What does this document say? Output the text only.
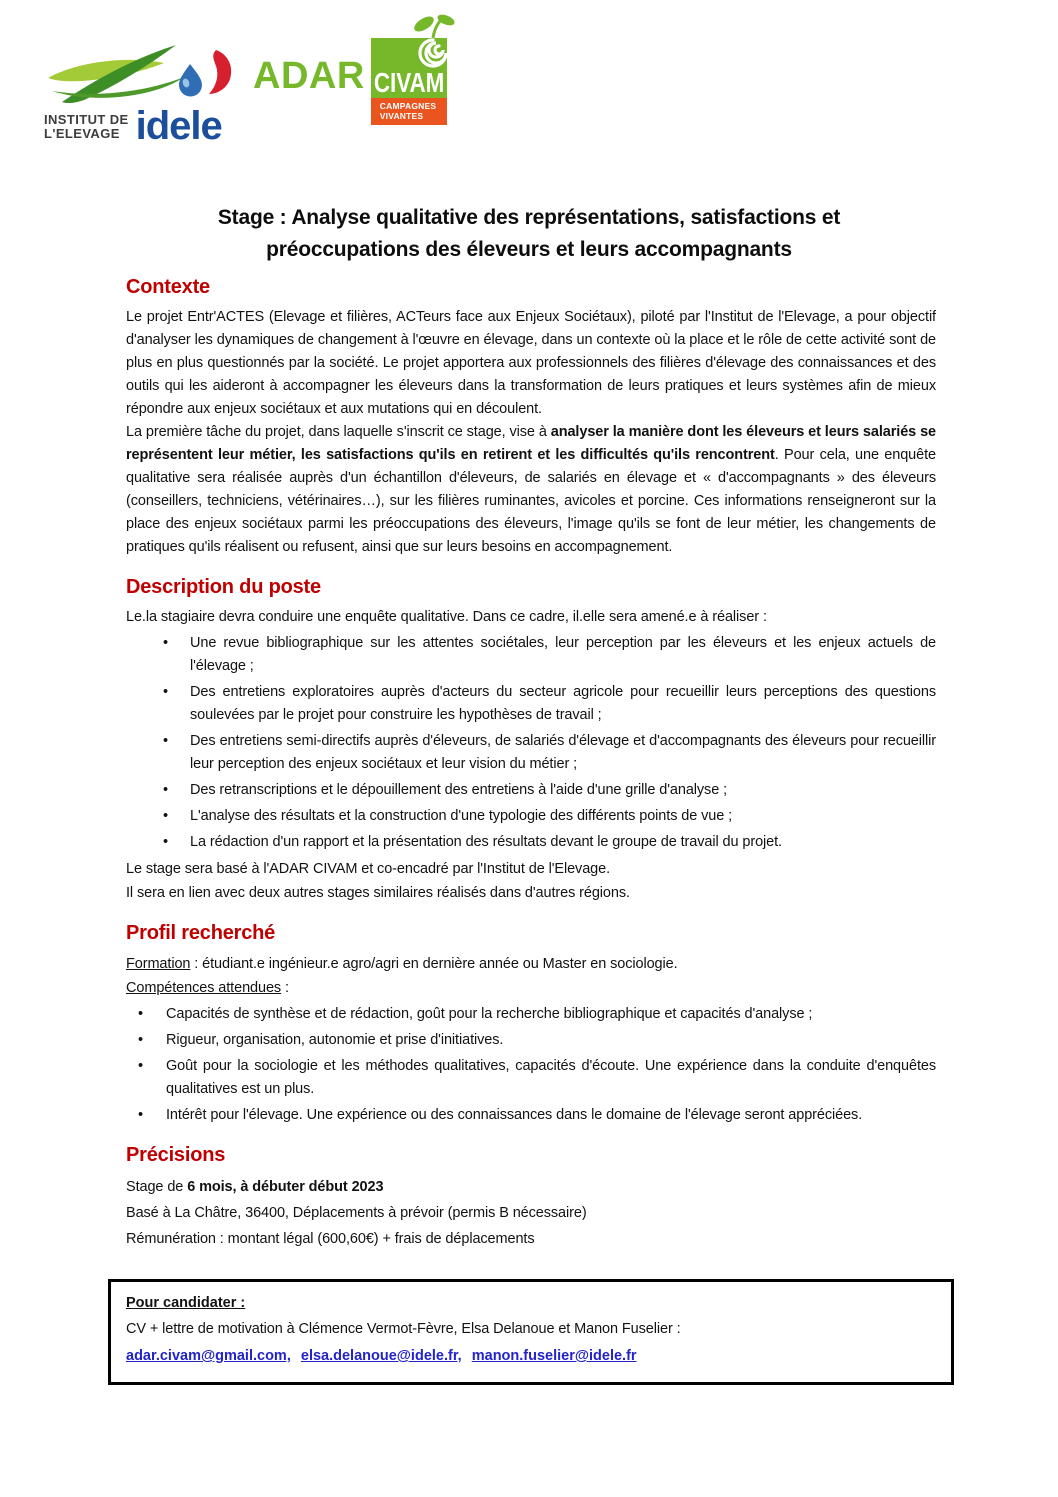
INSTITUT DE
L'ELEVAGE idele
ADAR CIVAM
CAMPAGNES
VIVANTES
Stage : Analyse qualitative des représentations, satisfactions et
préoccupations des éleveurs et leurs accompagnants
Contexte

Le projet Entr'ACTES (Elevage et filières, ACTeurs face aux Enjeux Sociétaux), piloté par l'Institut de l'Elevage, a pour objectif d'analyser les dynamiques de changement à l'œuvre en élevage, dans un contexte où la place et le rôle de cette activité sont de plus en plus questionnés par la société. Le projet apportera aux professionnels des filières d'élevage des connaissances et des outils qui les aideront à accompagner les éleveurs dans la transformation de leurs pratiques et leurs systèmes afin de mieux répondre aux enjeux sociétaux et aux mutations qui en découlent.

La première tâche du projet, dans laquelle s'inscrit ce stage, vise à analyser la manière dont les éleveurs et leurs salariés se représentent leur métier, les satisfactions qu'ils en retirent et les difficultés qu'ils rencontrent. Pour cela, une enquête qualitative sera réalisée auprès d'un échantillon d'éleveurs, de salariés en élevage et « d'accompagnants » des éleveurs (conseillers, techniciens, vétérinaires…), sur les filières ruminantes, avicoles et porcine. Ces informations renseigneront sur la place des enjeux sociétaux parmi les préoccupations des éleveurs, l'image qu'ils se font de leur métier, les changements de pratiques qu'ils réalisent ou refusent, ainsi que sur leurs besoins en accompagnement.

Description du poste

Le.la stagiaire devra conduire une enquête qualitative. Dans ce cadre, il.elle sera amené.e à réaliser :

• Une revue bibliographique sur les attentes sociétales, leur perception par les éleveurs et les enjeux actuels de l'élevage ;
• Des entretiens exploratoires auprès d'acteurs du secteur agricole pour recueillir leurs perceptions des questions soulevées par le projet pour construire les hypothèses de travail ;
• Des entretiens semi-directifs auprès d'éleveurs, de salariés d'élevage et d'accompagnants des éleveurs pour recueillir leur perception des enjeux sociétaux et leur vision du métier ;
• Des retranscriptions et le dépouillement des entretiens à l'aide d'une grille d'analyse ;
• L'analyse des résultats et la construction d'une typologie des différents points de vue ;
• La rédaction d'un rapport et la présentation des résultats devant le groupe de travail du projet.

Le stage sera basé à l'ADAR CIVAM et co-encadré par l'Institut de l'Elevage.

Il sera en lien avec deux autres stages similaires réalisés dans d'autres régions.

Profil recherché

Formation : étudiant.e ingénieur.e agro/agri en dernière année ou Master en sociologie.

Compétences attendues :

• Capacités de synthèse et de rédaction, goût pour la recherche bibliographique et capacités d'analyse ;
• Rigueur, organisation, autonomie et prise d'initiatives.
• Goût pour la sociologie et les méthodes qualitatives, capacités d'écoute. Une expérience dans la conduite d'enquêtes qualitatives est un plus.
• Intérêt pour l'élevage. Une expérience ou des connaissances dans le domaine de l'élevage seront appréciées.
Précisions

Stage de 6 mois, à débuter début 2023

Basé à La Châtre, 36400, Déplacements à prévoir (permis B nécessaire)

Rémunération : montant légal (600,60€) + frais de déplacements

Pour candidater :
CV + lettre de motivation à Clémence Vermot-Fèvre, Elsa Delanoue et Manon Fuselier :
adar.civam@gmail.com, elsa.delanoue@idele.fr, manon.fuselier@idele.fr
